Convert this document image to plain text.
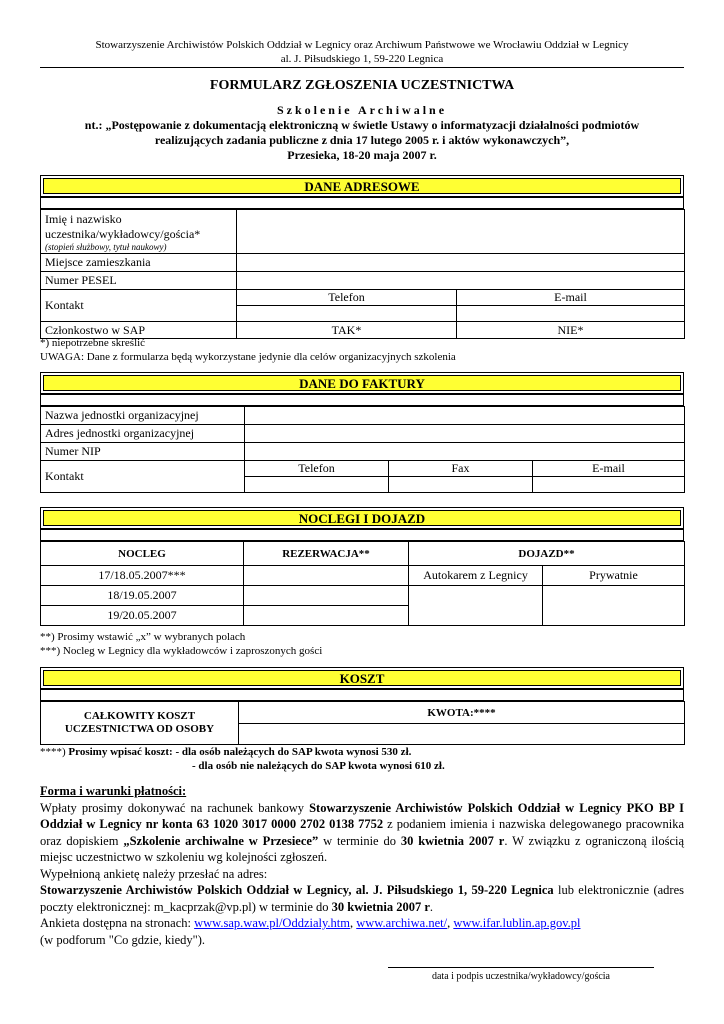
Stowarzyszenie Archiwistów Polskich Oddział w Legnicy oraz Archiwum Państwowe we Wrocławiu Oddział w Legnicy
al. J. Piłsudskiego 1, 59-220 Legnica
FORMULARZ ZGŁOSZENIA UCZESTNICTWA
Szkolenie Archiwalne
nt.: „Postępowanie z dokumentacją elektroniczną w świetle Ustawy o informatyzacji działalności podmiotów
realizujących zadania publiczne z dnia 17 lutego 2005 r. i aktów wykonawczych”,
Przesieka, 18-20 maja 2007 r.
DANE ADRESOWE
Imię i nazwisko uczestnika/wykładowcy/gościa*
(stopień służbowy, tytuł naukowy)		

Miejsce zamieszkania		
Numer PESEL		
Kontakt	Telefon	E-mail

Członkostwo w SAP	TAK*	NIE*
*) niepotrzebne skreślić
UWAGA: Dane z formularza będą wykorzystane jedynie dla celów organizacyjnych szkolenia
DANE DO FAKTURY
Nazwa jednostki organizacyjnej			
Adres jednostki organizacyjnej			
Numer NIP			
Kontakt	Telefon	Fax	E-mail

NOCLEGI I DOJAZD
NOCLEG	REZERWACJA**	DOJAZD**	
17/18.05.2007***		Autokarem z Legnicy	Prywatnie
18/19.05.2007			
19/20.05.2007			
**) Prosimy wstawić „x” w wybranych polach
***) Nocleg w Legnicy dla wykładowców i zaproszonych gości
KOSZT
CAŁKOWITY KOSZT UCZESTNICTWA OD OSOBY	KWOTA:****

****) Prosimy wpisać koszt: - dla osób należących do SAP kwota wynosi 530 zł.
- dla osób nie należących do SAP kwota wynosi 610 zł.
Forma i warunki płatności:
Wpłaty prosimy dokonywać na rachunek bankowy Stowarzyszenie Archiwistów Polskich Oddział w Legnicy PKO BP I Oddział w Legnicy nr konta 63 1020 3017 0000 2702 0138 7752 z podaniem imienia i nazwiska delegowanego pracownika oraz dopiskiem „Szkolenie archiwalne w Przesiece” w terminie do 30 kwietnia 2007 r. W związku z ograniczoną ilością miejsc uczestnictwo w szkoleniu wg kolejności zgłoszeń.
Wypełnioną ankietę należy przesłać na adres:
Stowarzyszenie Archiwistów Polskich Oddział w Legnicy, al. J. Piłsudskiego 1, 59-220 Legnica lub elektronicznie (adres poczty elektronicznej: m_kacprzak@vp.pl) w terminie do 30 kwietnia 2007 r.
Ankieta dostępna na stronach: www.sap.waw.pl/Oddzialy.htm, www.archiwa.net/, www.ifar.lublin.ap.gov.pl
(w podforum "Co gdzie, kiedy").
data i podpis uczestnika/wykładowcy/gościa
